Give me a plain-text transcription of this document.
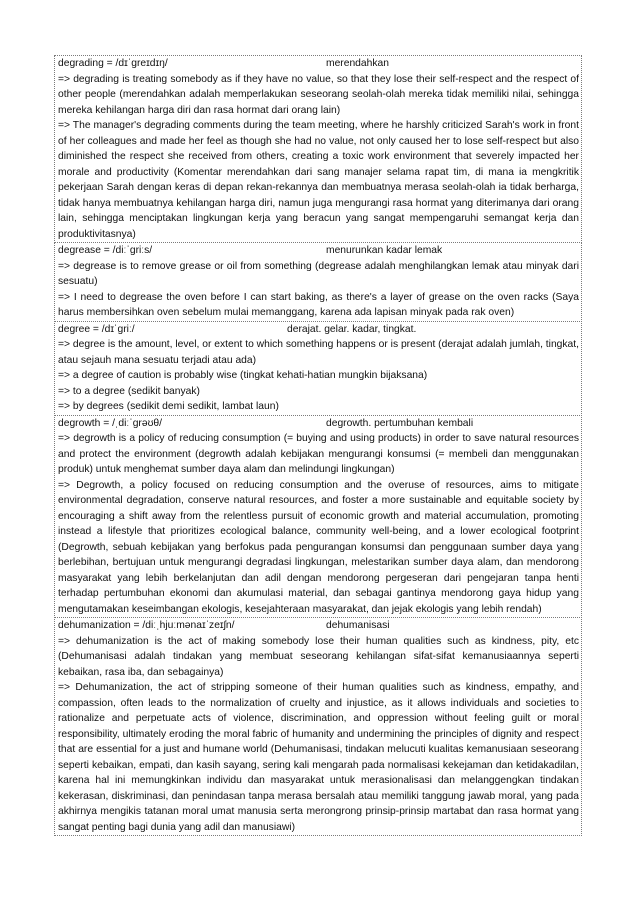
degrading = /dɪˈɡreɪdɪŋ/	merendahkan
=> degrading is treating somebody as if they have no value, so that they lose their self-respect and the respect of other people (merendahkan adalah memperlakukan seseorang seolah-olah mereka tidak memiliki nilai, sehingga mereka kehilangan harga diri dan rasa hormat dari orang lain)
=> The manager's degrading comments during the team meeting, where he harshly criticized Sarah's work in front of her colleagues and made her feel as though she had no value, not only caused her to lose self-respect but also diminished the respect she received from others, creating a toxic work environment that severely impacted her morale and productivity (Komentar merendahkan dari sang manajer selama rapat tim, di mana ia mengkritik pekerjaan Sarah dengan keras di depan rekan-rekannya dan membuatnya merasa seolah-olah ia tidak berharga, tidak hanya membuatnya kehilangan harga diri, namun juga mengurangi rasa hormat yang diterimanya dari orang lain, sehingga menciptakan lingkungan kerja yang beracun yang sangat mempengaruhi semangat kerja dan produktivitasnya)
degrease = /diːˈɡriːs/	menurunkan kadar lemak
=> degrease is to remove grease or oil from something (degrease adalah menghilangkan lemak atau minyak dari sesuatu)
=> I need to degrease the oven before I can start baking, as there's a layer of grease on the oven racks (Saya harus membersihkan oven sebelum mulai memanggang, karena ada lapisan minyak pada rak oven)
degree = /dɪˈɡriː/	derajat. gelar. kadar, tingkat.
=> degree is the amount, level, or extent to which something happens or is present (derajat adalah jumlah, tingkat, atau sejauh mana sesuatu terjadi atau ada)
=> a degree of caution is probably wise (tingkat kehati-hatian mungkin bijaksana)
=> to a degree (sedikit banyak)
=> by degrees (sedikit demi sedikit, lambat laun)
degrowth = /ˌdiːˈɡrəʊθ/	degrowth. pertumbuhan kembali
=> degrowth is a policy of reducing consumption (= buying and using products) in order to save natural resources and protect the environment (degrowth adalah kebijakan mengurangi konsumsi (= membeli dan menggunakan produk) untuk menghemat sumber daya alam dan melindungi lingkungan)
=> Degrowth, a policy focused on reducing consumption and the overuse of resources, aims to mitigate environmental degradation, conserve natural resources, and foster a more sustainable and equitable society by encouraging a shift away from the relentless pursuit of economic growth and material accumulation, promoting instead a lifestyle that prioritizes ecological balance, community well-being, and a lower ecological footprint (Degrowth, sebuah kebijakan yang berfokus pada pengurangan konsumsi dan penggunaan sumber daya yang berlebihan, bertujuan untuk mengurangi degradasi lingkungan, melestarikan sumber daya alam, dan mendorong masyarakat yang lebih berkelanjutan dan adil dengan mendorong pergeseran dari pengejaran tanpa henti terhadap pertumbuhan ekonomi dan akumulasi material, dan sebagai gantinya mendorong gaya hidup yang mengutamakan keseimbangan ekologis, kesejahteraan masyarakat, dan jejak ekologis yang lebih rendah)
dehumanization = /diːˌhjuːmənaɪˈzeɪʃn/	dehumanisasi
=> dehumanization is the act of making somebody lose their human qualities such as kindness, pity, etc (Dehumanisasi adalah tindakan yang membuat seseorang kehilangan sifat-sifat kemanusiaannya seperti kebaikan, rasa iba, dan sebagainya)
=> Dehumanization, the act of stripping someone of their human qualities such as kindness, empathy, and compassion, often leads to the normalization of cruelty and injustice, as it allows individuals and societies to rationalize and perpetuate acts of violence, discrimination, and oppression without feeling guilt or moral responsibility, ultimately eroding the moral fabric of humanity and undermining the principles of dignity and respect that are essential for a just and humane world (Dehumanisasi, tindakan melucuti kualitas kemanusiaan seseorang seperti kebaikan, empati, dan kasih sayang, sering kali mengarah pada normalisasi kekejaman dan ketidakadilan, karena hal ini memungkinkan individu dan masyarakat untuk merasionalisasi dan melanggengkan tindakan kekerasan, diskriminasi, dan penindasan tanpa merasa bersalah atau memiliki tanggung jawab moral, yang pada akhirnya mengikis tatanan moral umat manusia serta merongrong prinsip-prinsip martabat dan rasa hormat yang sangat penting bagi dunia yang adil dan manusiawi)
